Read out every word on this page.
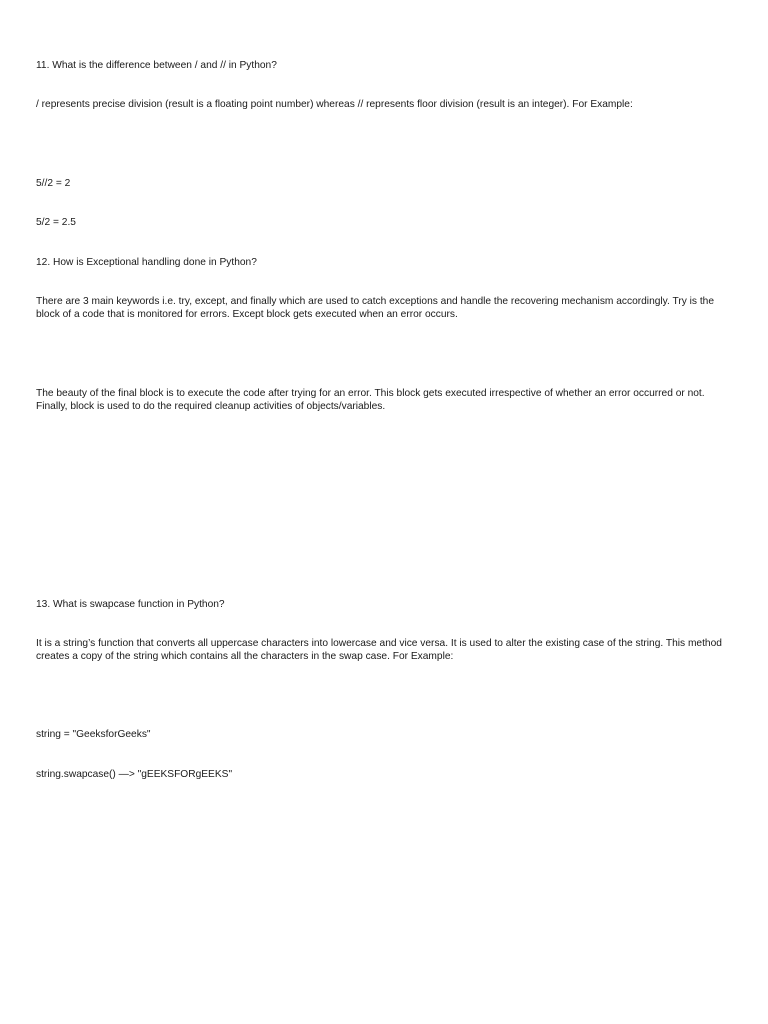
11. What is the difference between / and // in Python?

/ represents precise division (result is a floating point number) whereas // represents floor division (result is an integer). For Example:

5//2 = 2

5/2 = 2.5

12. How is Exceptional handling done in Python?

There are 3 main keywords i.e. try, except, and finally which are used to catch exceptions and handle the recovering mechanism accordingly. Try is the block of a code that is monitored for errors. Except block gets executed when an error occurs.

The beauty of the final block is to execute the code after trying for an error. This block gets executed irrespective of whether an error occurred or not. Finally, block is used to do the required cleanup activities of objects/variables.

13. What is swapcase function in Python?

It is a string’s function that converts all uppercase characters into lowercase and vice versa. It is used to alter the existing case of the string. This method creates a copy of the string which contains all the characters in the swap case. For Example:

string = "GeeksforGeeks"

string.swapcase() —> "gEEKSFORgEEKS"
